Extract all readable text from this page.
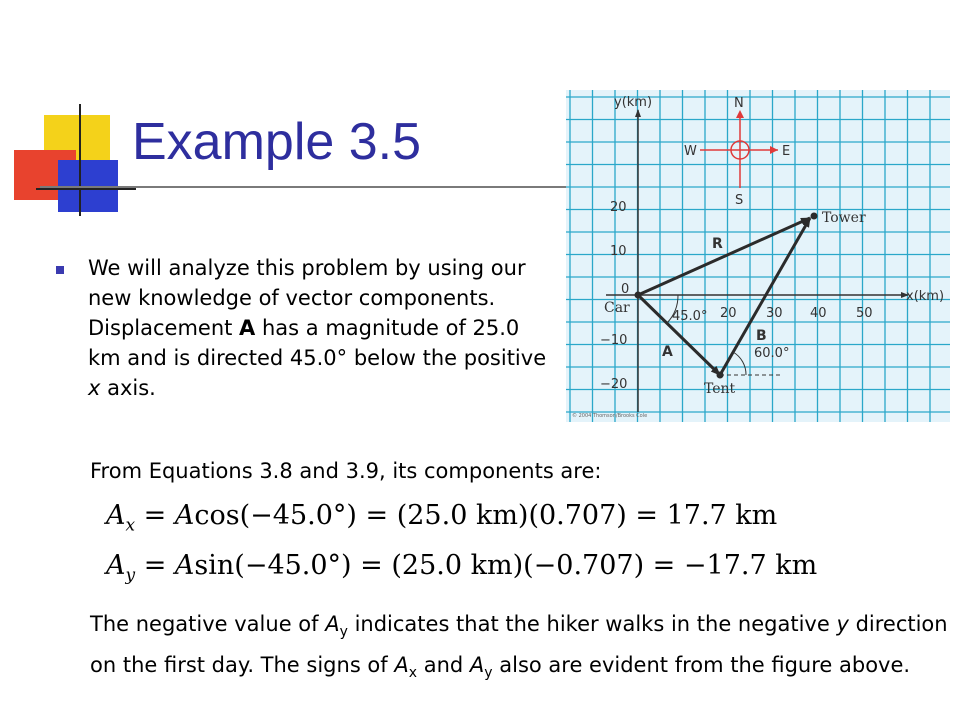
Example 3.5

We will analyze this problem by using our new knowledge of vector components. Displacement A has a magnitude of 25.0 km and is directed 45.0° below the positive x axis.

From Equations 3.8 and 3.9, its components are:
$A_x = Acos(-45.0^\circ) = (25.0$ km)(0.707) = 17.7 km
$A_y = Asin(-45.0^\circ) = (25.0$ km)(−0.707) = −17.7 km

The negative value of $A_y$ indicates that the hiker walks in the negative y direction on the first day. The signs of $A_x$ and $A_y$ also are evident from the figure above.

y(km)
x(km)
20
10
0
−10
−20
20 30 40 50
N
S
E
W
Car
Tent
Tower
R
A
B
45.0°
60.0°
© 2004 Thomson/Brooks Cole
